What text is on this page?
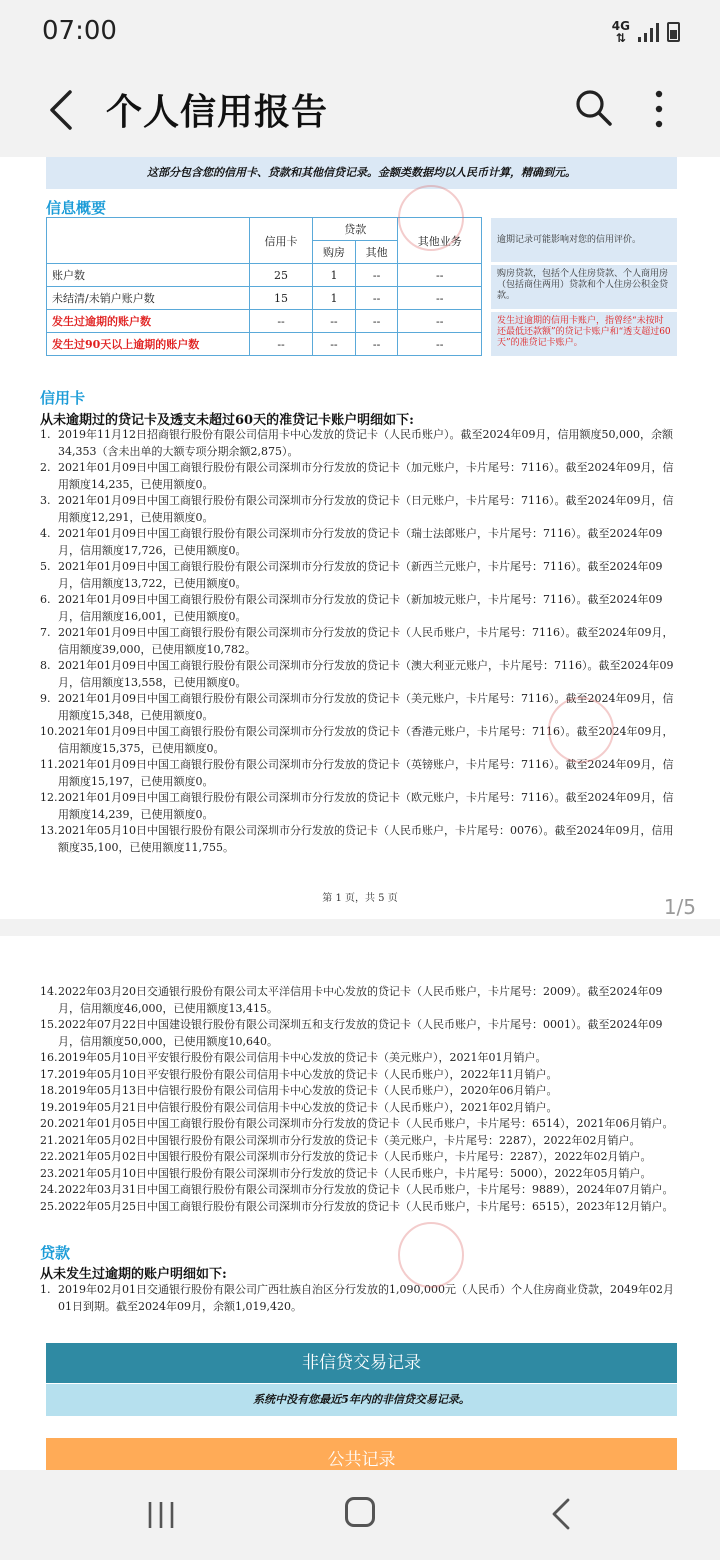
07:00	4G
⇅
个人信用报告
这部分包含您的信用卡、贷款和其他信贷记录。金额类数据均以人民币计算，精确到元。
信息概要
	信用卡	贷款		其他业务
		购房	其他	
账户数	25	1	--	--
未结清/未销户账户数	15	1	--	--
发生过逾期的账户数	--	--	--	--
发生过90天以上逾期的账户数	--	--	--	--
逾期记录可能影响对您的信用评价。
购房贷款，包括个人住房贷款、个人商用房（包括商住两用）贷款和个人住房公积金贷款。
发生过逾期的信用卡账户，指曾经“未按时还最低还款额”的贷记卡账户和“透支超过60天”的准贷记卡账户。
信用卡
从未逾期过的贷记卡及透支未超过60天的准贷记卡账户明细如下:
1. 2019年11月12日招商银行股份有限公司信用卡中心发放的贷记卡（人民币账户）。截至2024年09月，信用额度50,000，余额34,353（含未出单的大额专项分期余额2,875）。
2. 2021年01月09日中国工商银行股份有限公司深圳市分行发放的贷记卡（加元账户，卡片尾号：7116）。截至2024年09月，信用额度14,235，已使用额度0。
3. 2021年01月09日中国工商银行股份有限公司深圳市分行发放的贷记卡（日元账户，卡片尾号：7116）。截至2024年09月，信用额度12,291，已使用额度0。
4. 2021年01月09日中国工商银行股份有限公司深圳市分行发放的贷记卡（瑞士法郎账户，卡片尾号：7116）。截至2024年09月，信用额度17,726，已使用额度0。
5. 2021年01月09日中国工商银行股份有限公司深圳市分行发放的贷记卡（新西兰元账户，卡片尾号：7116）。截至2024年09月，信用额度13,722，已使用额度0。
6. 2021年01月09日中国工商银行股份有限公司深圳市分行发放的贷记卡（新加坡元账户，卡片尾号：7116）。截至2024年09月，信用额度16,001，已使用额度0。
7. 2021年01月09日中国工商银行股份有限公司深圳市分行发放的贷记卡（人民币账户，卡片尾号：7116）。截至2024年09月，信用额度39,000，已使用额度10,782。
8. 2021年01月09日中国工商银行股份有限公司深圳市分行发放的贷记卡（澳大利亚元账户，卡片尾号：7116）。截至2024年09月，信用额度13,558，已使用额度0。
9. 2021年01月09日中国工商银行股份有限公司深圳市分行发放的贷记卡（美元账户，卡片尾号：7116）。截至2024年09月，信用额度15,348，已使用额度0。
10. 2021年01月09日中国工商银行股份有限公司深圳市分行发放的贷记卡（香港元账户，卡片尾号：7116）。截至2024年09月，信用额度15,375，已使用额度0。
11. 2021年01月09日中国工商银行股份有限公司深圳市分行发放的贷记卡（英镑账户，卡片尾号：7116）。截至2024年09月，信用额度15,197，已使用额度0。
12. 2021年01月09日中国工商银行股份有限公司深圳市分行发放的贷记卡（欧元账户，卡片尾号：7116）。截至2024年09月，信用额度14,239，已使用额度0。
13. 2021年05月10日中国银行股份有限公司深圳市分行发放的贷记卡（人民币账户，卡片尾号：0076）。截至2024年09月，信用额度35,100，已使用额度11,755。
第 1 页，共 5 页	1/5
14. 2022年03月20日交通银行股份有限公司太平洋信用卡中心发放的贷记卡（人民币账户，卡片尾号：2009）。截至2024年09月，信用额度46,000，已使用额度13,415。
15. 2022年07月22日中国建设银行股份有限公司深圳五和支行发放的贷记卡（人民币账户，卡片尾号：0001）。截至2024年09月，信用额度50,000，已使用额度10,640。
16. 2019年05月10日平安银行股份有限公司信用卡中心发放的贷记卡（美元账户），2021年01月销户。
17. 2019年05月10日平安银行股份有限公司信用卡中心发放的贷记卡（人民币账户），2022年11月销户。
18. 2019年05月13日中信银行股份有限公司信用卡中心发放的贷记卡（人民币账户），2020年06月销户。
19. 2019年05月21日中信银行股份有限公司信用卡中心发放的贷记卡（人民币账户），2021年02月销户。
20. 2021年01月05日中国工商银行股份有限公司深圳市分行发放的贷记卡（人民币账户，卡片尾号：6514），2021年06月销户。
21. 2021年05月02日中国银行股份有限公司深圳市分行发放的贷记卡（美元账户，卡片尾号：2287），2022年02月销户。
22. 2021年05月02日中国银行股份有限公司深圳市分行发放的贷记卡（人民币账户，卡片尾号：2287），2022年02月销户。
23. 2021年05月10日中国银行股份有限公司深圳市分行发放的贷记卡（人民币账户，卡片尾号：5000），2022年05月销户。
24. 2022年03月31日中国工商银行股份有限公司深圳市分行发放的贷记卡（人民币账户，卡片尾号：9889），2024年07月销户。
25. 2022年05月25日中国工商银行股份有限公司深圳市分行发放的贷记卡（人民币账户，卡片尾号：6515），2023年12月销户。
贷款
从未发生过逾期的账户明细如下:
1. 2019年02月01日交通银行股份有限公司广西壮族自治区分行发放的1,090,000元（人民币）个人住房商业贷款，2049年02月01日到期。截至2024年09月，余额1,019,420。
非信贷交易记录
系统中没有您最近5年内的非信贷交易记录。
公共记录
